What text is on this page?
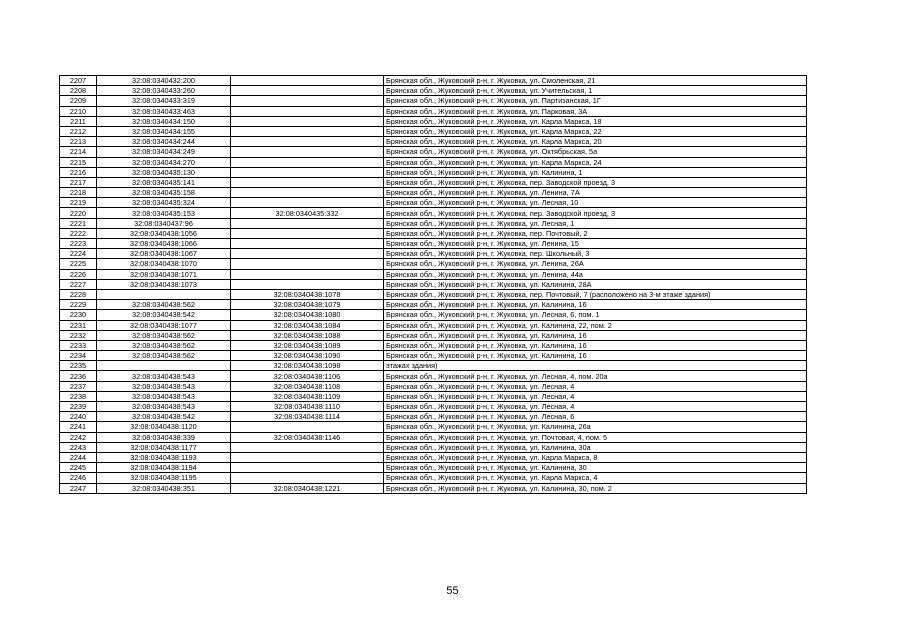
2207	32:08:0340432:200		Брянская обл., Жуковский р-н, г. Жуковка, ул. Смоленская, 21
2208	32:08:0340433:260		Брянская обл., Жуковский р-н, г. Жуковка, ул. Учительская, 1
2209	32:08:0340433:319		Брянская обл., Жуковский р-н, г. Жуковка, ул. Партизанская, 1Г
2210	32:08:0340433:463		Брянская обл., Жуковский р-н, г. Жуковка, ул. Парковая, 3А
2211	32:08:0340434:150		Брянская обл., Жуковский р-н, г. Жуковка, ул. Карла Маркса, 18
2212	32:08:0340434:155		Брянская обл., Жуковский р-н, г. Жуковка, ул. Карла Маркса, 22
2213	32:08:0340434:244		Брянская обл., Жуковский р-н, г. Жуковка, ул. Карла Маркса, 20
2214	32:08:0340434:249		Брянская обл., Жуковский р-н, г. Жуковка, ул. Октябрьская, 5а
2215	32:08:0340434:270		Брянская обл., Жуковский р-н, г. Жуковка, ул. Карла Маркса, 24
2216	32:08:0340435:130		Брянская обл., Жуковский р-н, г. Жуковка, ул. Калинина, 1
2217	32:08:0340435:141		Брянская обл., Жуковский р-н, г. Жуковка, пер. Заводской проезд, 3
2218	32:08:0340435:158		Брянская обл., Жуковский р-н, г. Жуковка, ул. Ленина, 7А
2219	32:08:0340435:324		Брянская обл., Жуковский р-н, г. Жуковка, ул. Лесная, 10
2220	32:08:0340435:153	32:08:0340435:332	Брянская обл., Жуковский р-н, г. Жуковка, пер. Заводской проезд, 3
2221	32:08:0340437:96		Брянская обл., Жуковский р-н, г. Жуковка, ул. Лесная, 1
2222	32:08:0340438:1056		Брянская обл., Жуковский р-н, г. Жуковка, пер. Почтовый, 2
2223	32:08:0340438:1066		Брянская обл., Жуковский р-н, г. Жуковка, ул. Ленина, 15
2224	32:08:0340438:1067		Брянская обл., Жуковский р-н, г. Жуковка, пер. Школьный, 3
2225	32:08:0340438:1070		Брянская обл., Жуковский р-н, г. Жуковка, ул. Ленина, 26А
2226	32:08:0340438:1071		Брянская обл., Жуковский р-н, г. Жуковка, ул. Ленина, 44а
2227	32:08:0340438:1073		Брянская обл., Жуковский р-н, г. Жуковка, ул. Калинина, 28А
2228		32:08:0340438:1078	Брянская обл., Жуковский р-н, г. Жуковка, пер. Почтовый, 7 (расположено на 3-м этаже здания)
2229	32:08:0340438:562	32:08:0340438:1079	Брянская обл., Жуковский р-н, г. Жуковка, ул. Калинина, 16
2230	32:08:0340438:542	32:08:0340438:1080	Брянская обл., Жуковский р-н, г. Жуковка, ул. Лесная, 6, пом. 1
2231	32:08:0340438:1077	32:08:0340438:1084	Брянская обл., Жуковский р-н, г. Жуковка, ул. Калинина, 22, пом. 2
2232	32:08:0340438:562	32:08:0340438:1088	Брянская обл., Жуковский р-н, г. Жуковка, ул. Калинина, 16
2233	32:08:0340438:562	32:08:0340438:1089	Брянская обл., Жуковский р-н, г. Жуковка, ул. Калинина, 16
2234	32:08:0340438:562	32:08:0340438:1090	Брянская обл., Жуковский р-н, г. Жуковка, ул. Калинина, 16
2235		32:08:0340438:1098	этажах здания)
2236	32:08:0340438:543	32:08:0340438:1106	Брянская обл., Жуковский р-н, г. Жуковка, ул. Лесная, 4, пом. 20а
2237	32:08:0340438:543	32:08:0340438:1108	Брянская обл., Жуковский р-н, г. Жуковка, ул. Лесная, 4
2238	32:08:0340438:543	32:08:0340438:1109	Брянская обл., Жуковский р-н, г. Жуковка, ул. Лесная, 4
2239	32:08:0340438:543	32:08:0340438:1110	Брянская обл., Жуковский р-н, г. Жуковка, ул. Лесная, 4
2240	32:08:0340438:542	32:08:0340438:1114	Брянская обл., Жуковский р-н, г. Жуковка, ул. Лесная, 6
2241	32:08:0340438:1120		Брянская обл., Жуковский р-н, г. Жуковка, ул. Калинина, 26а
2242	32:08:0340438:339	32:08:0340438:1146	Брянская обл., Жуковский р-н, г. Жуковка, ул. Почтовая, 4, пом. 5
2243	32:08:0340438:1177		Брянская обл., Жуковский р-н, г. Жуковка, ул. Калинина, 30а
2244	32:08:0340438:1193		Брянская обл., Жуковский р-н, г. Жуковка, ул. Карла Маркса, 8
2245	32:08:0340438:1194		Брянская обл., Жуковский р-н, г. Жуковка, ул. Калинина, 30
2246	32:08:0340438:1195		Брянская обл., Жуковский р-н, г. Жуковка, ул. Карла Маркса, 4
2247	32:08:0340438:351	32:08:0340438:1221	Брянская обл., Жуковский р-н, г. Жуковка, ул. Калинина, 30, пом. 2
55
